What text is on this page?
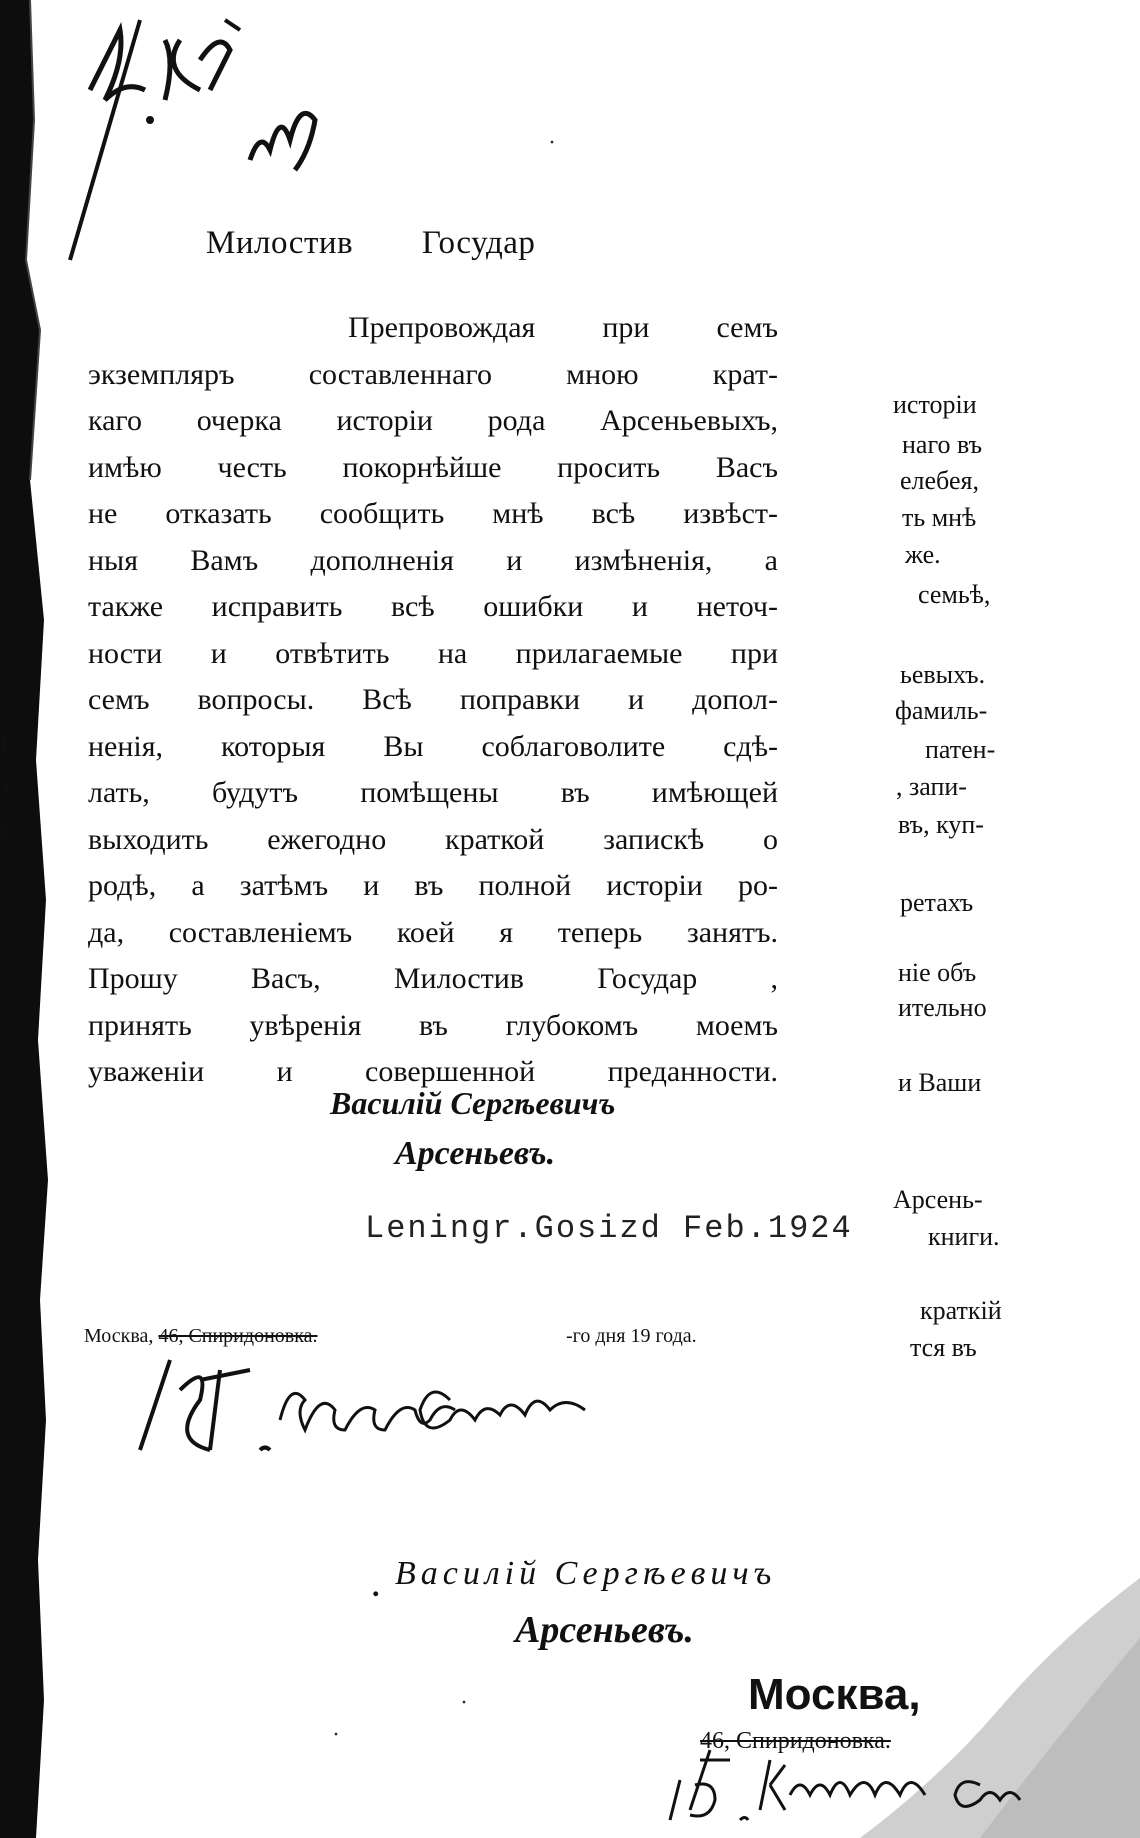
т
а,
г
Милостив Государ
Препровождая при семъ
экземпляръ составленнаго мною крат-
каго очерка исторіи рода Арсеньевыхъ,
имѣю честь покорнѣйше просить Васъ
не отказать сообщить мнѣ всѣ извѣст-
ныя Вамъ дополненія и измѣненія, а
также исправить всѣ ошибки и неточ-
ности и отвѣтить на прилагаемые при
семъ вопросы. Всѣ поправки и допол-
ненія, которыя Вы соблаговолите сдѣ-
лать, будутъ помѣщены въ имѣющей
выходить ежегодно краткой запискѣ о
родѣ, а затѣмъ и въ полной исторіи ро-
да, составленіемъ коей я теперь занятъ.
Прошу Васъ, Милостив Государ ,
принять увѣренія въ глубокомъ моемъ
уваженіи и совершенной преданности.
Василій Сергѣевичъ
Арсеньевъ.
Leningr.Gosizd Feb.1924
Москва, 46, Спиридоновка.	-го дня 19 года.
. Василій Сергѣевичъ
Арсеньевъ.
исторіи
наго въ
елебея,
ть мнѣ
же.
семьѣ,
ьевыхъ.
фамиль-
патен-
, запи-
въ, куп-
ретахъ
ніе объ
ительно
и Ваши
Арсень-
книги.
краткій
тся въ
Москва,
46, Спиридоновка.
·
·
·
